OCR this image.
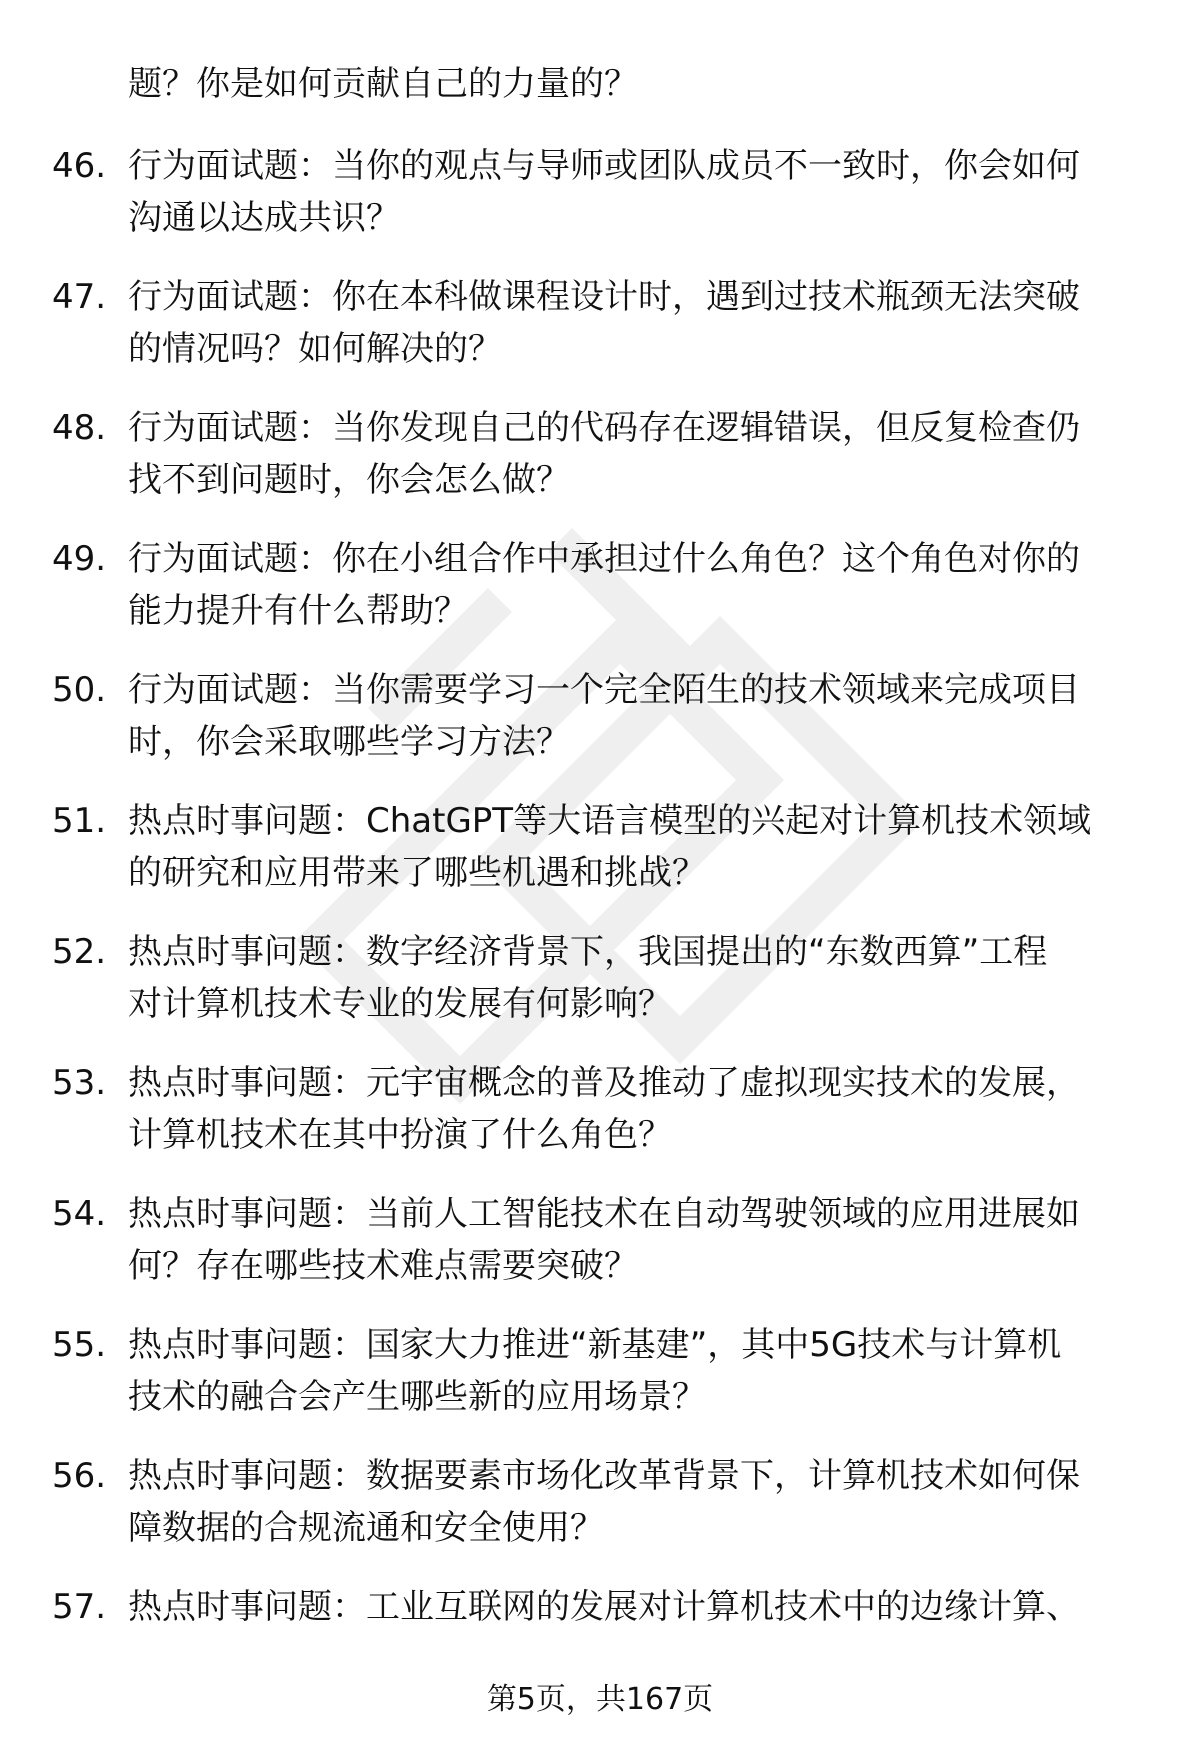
题？你是如何贡献自己的力量的？
46. 行为面试题：当你的观点与导师或团队成员不一致时，你会如何
沟通以达成共识？
47. 行为面试题：你在本科做课程设计时，遇到过技术瓶颈无法突破
的情况吗？如何解决的？
48. 行为面试题：当你发现自己的代码存在逻辑错误，但反复检查仍
找不到问题时，你会怎么做？
49. 行为面试题：你在小组合作中承担过什么角色？这个角色对你的
能力提升有什么帮助？
50. 行为面试题：当你需要学习一个完全陌生的技术领域来完成项目
时，你会采取哪些学习方法？
51. 热点时事问题：ChatGPT等大语言模型的兴起对计算机技术领域
的研究和应用带来了哪些机遇和挑战？
52. 热点时事问题：数字经济背景下，我国提出的“东数西算”工程
对计算机技术专业的发展有何影响？
53. 热点时事问题：元宇宙概念的普及推动了虚拟现实技术的发展，
计算机技术在其中扮演了什么角色？
54. 热点时事问题：当前人工智能技术在自动驾驶领域的应用进展如
何？存在哪些技术难点需要突破？
55. 热点时事问题：国家大力推进“新基建”，其中5G技术与计算机
技术的融合会产生哪些新的应用场景？
56. 热点时事问题：数据要素市场化改革背景下，计算机技术如何保
障数据的合规流通和安全使用？
57. 热点时事问题：工业互联网的发展对计算机技术中的边缘计算、
第5页，共167页
